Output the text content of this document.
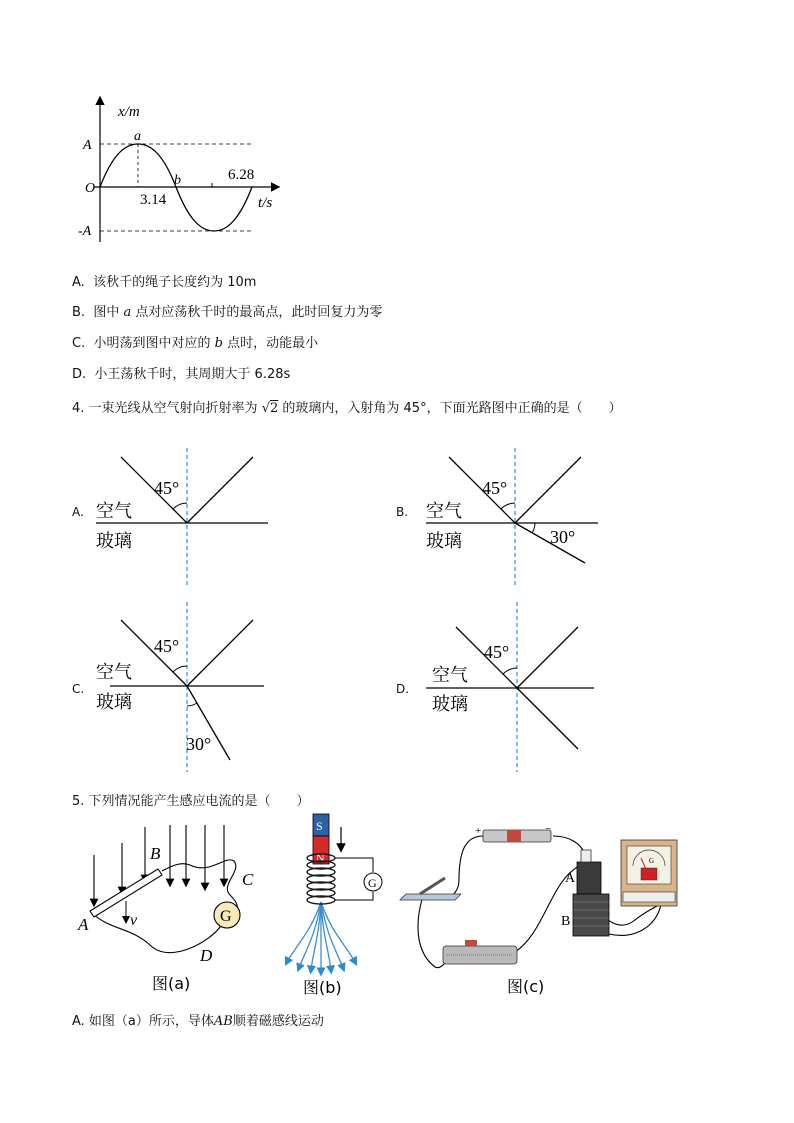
x/m
A
-A
O
a
b
3.14
6.28
t/s
A. 该秋千的绳子长度约为 10m
B. 图中 a 点对应荡秋千时的最高点，此时回复力为零
C. 小明荡到图中对应的 b 点时，动能最小
D. 小王荡秋千时，其周期大于 6.28s
4. 一束光线从空气射向折射率为 √2 的玻璃内，入射角为 45°，下面光路图中正确的是（　　）
A.	B.
C.	D.
45°
空气
玻璃
45°
空气
玻璃	30°
45°
空气
玻璃
30°
45°
空气
玻璃
5. 下列情况能产生感应电流的是（　　）
G
A
B
C
D
v
图(a)
S
N
G
图(b)
+	−
A
B
G
图(c)
A. 如图（a）所示，导体AB顺着磁感线运动
